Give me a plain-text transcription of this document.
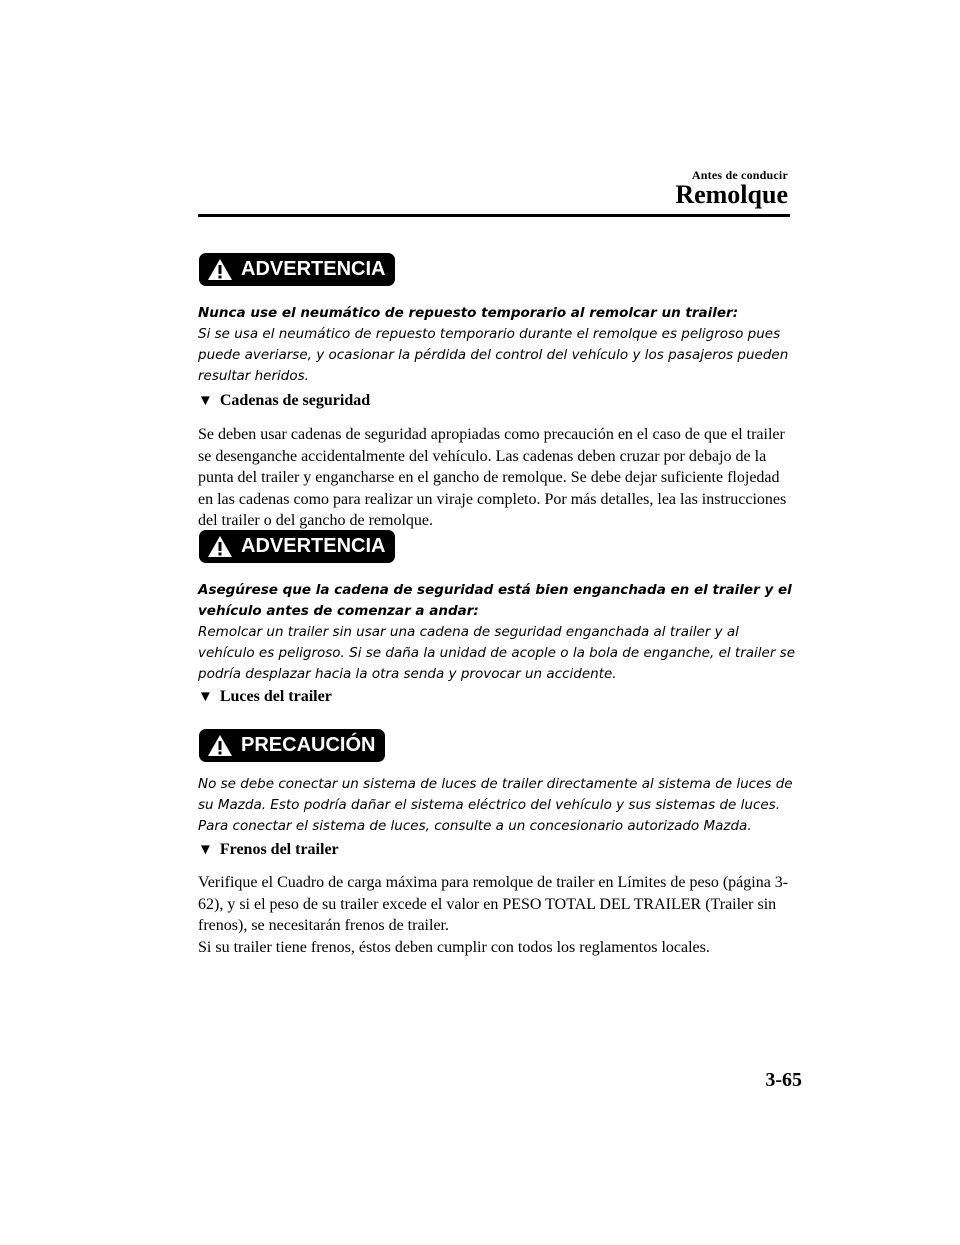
Antes de conducir
Remolque
ADVERTENCIA
Nunca use el neumático de repuesto temporario al remolcar un trailer:
Si se usa el neumático de repuesto temporario durante el remolque es peligroso pues puede averiarse, y ocasionar la pérdida del control del vehículo y los pasajeros pueden resultar heridos.
▼ Cadenas de seguridad
Se deben usar cadenas de seguridad apropiadas como precaución en el caso de que el trailer se desenganche accidentalmente del vehículo. Las cadenas deben cruzar por debajo de la punta del trailer y engancharse en el gancho de remolque. Se debe dejar suficiente flojedad en las cadenas como para realizar un viraje completo. Por más detalles, lea las instrucciones del trailer o del gancho de remolque.
ADVERTENCIA
Asegúrese que la cadena de seguridad está bien enganchada en el trailer y el vehículo antes de comenzar a andar:
Remolcar un trailer sin usar una cadena de seguridad enganchada al trailer y al vehículo es peligroso. Si se daña la unidad de acople o la bola de enganche, el trailer se podría desplazar hacia la otra senda y provocar un accidente.
▼ Luces del trailer
PRECAUCIÓN
No se debe conectar un sistema de luces de trailer directamente al sistema de luces de su Mazda. Esto podría dañar el sistema eléctrico del vehículo y sus sistemas de luces. Para conectar el sistema de luces, consulte a un concesionario autorizado Mazda.
▼ Frenos del trailer
Verifique el Cuadro de carga máxima para remolque de trailer en Límites de peso (página 3-62), y si el peso de su trailer excede el valor en PESO TOTAL DEL TRAILER (Trailer sin frenos), se necesitarán frenos de trailer.
Si su trailer tiene frenos, éstos deben cumplir con todos los reglamentos locales.
3-65
